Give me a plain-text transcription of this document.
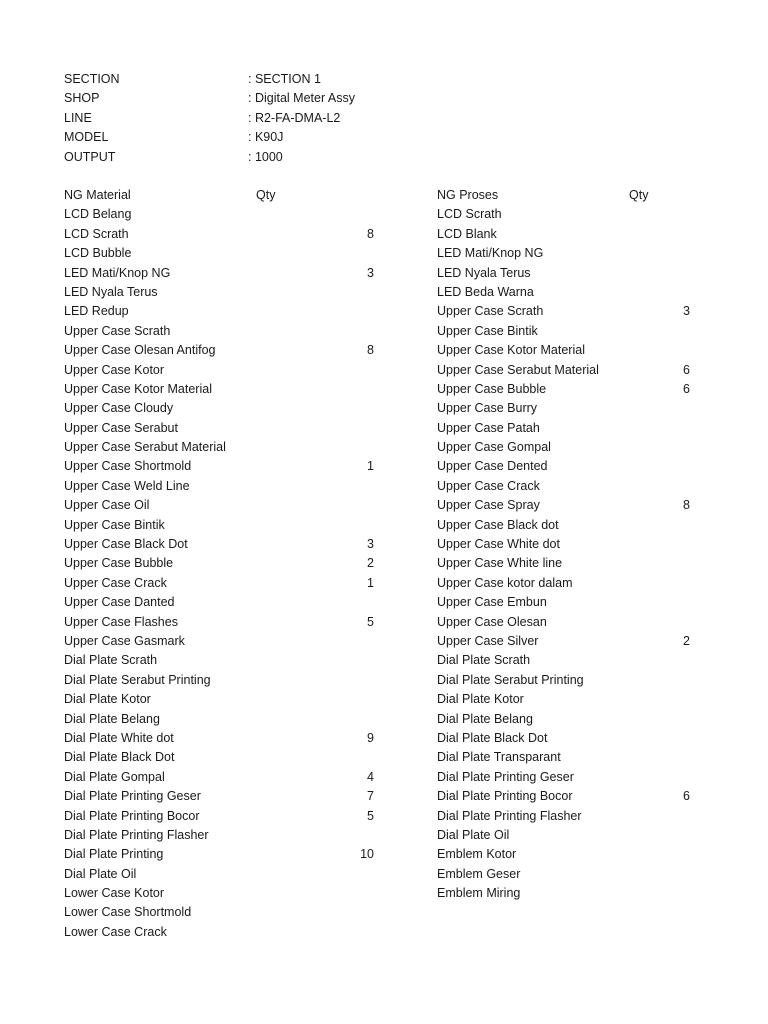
SECTION	: SECTION 1
SHOP	: Digital Meter Assy
LINE	: R2-FA-DMA-L2
MODEL	: K90J
OUTPUT	: 1000
NG Material	Qty
LCD Belang
LCD Scrath	8
LCD Bubble
LED Mati/Knop NG	3
LED Nyala Terus
LED Redup
Upper Case Scrath
Upper Case Olesan Antifog	8
Upper Case Kotor
Upper Case Kotor Material
Upper Case Cloudy
Upper Case Serabut
Upper Case Serabut Material
Upper Case Shortmold	1
Upper Case Weld Line
Upper Case Oil
Upper Case Bintik
Upper Case Black Dot	3
Upper Case Bubble	2
Upper Case Crack	1
Upper Case Danted
Upper Case Flashes	5
Upper Case Gasmark
Dial Plate Scrath
Dial Plate Serabut Printing
Dial Plate Kotor
Dial Plate Belang
Dial Plate White dot	9
Dial Plate Black Dot
Dial Plate Gompal	4
Dial Plate Printing Geser	7
Dial Plate Printing Bocor	5
Dial Plate Printing Flasher
Dial Plate Printing	10
Dial Plate Oil
Lower Case Kotor
Lower Case Shortmold
Lower Case Crack
NG Proses	Qty
LCD Scrath
LCD Blank
LED Mati/Knop NG
LED Nyala Terus
LED Beda Warna
Upper Case Scrath	3
Upper Case Bintik
Upper Case Kotor Material
Upper Case Serabut Material	6
Upper Case Bubble	6
Upper Case Burry
Upper Case Patah
Upper Case Gompal
Upper Case Dented
Upper Case Crack
Upper Case Spray	8
Upper Case Black dot
Upper Case White dot
Upper Case White line
Upper Case kotor dalam
Upper Case Embun
Upper Case Olesan
Upper Case Silver	2
Dial Plate Scrath
Dial Plate Serabut Printing
Dial Plate Kotor
Dial Plate Belang
Dial Plate Black Dot
Dial Plate Transparant
Dial Plate Printing Geser
Dial Plate Printing Bocor	6
Dial Plate Printing Flasher
Dial Plate Oil
Emblem Kotor
Emblem Geser
Emblem Miring
